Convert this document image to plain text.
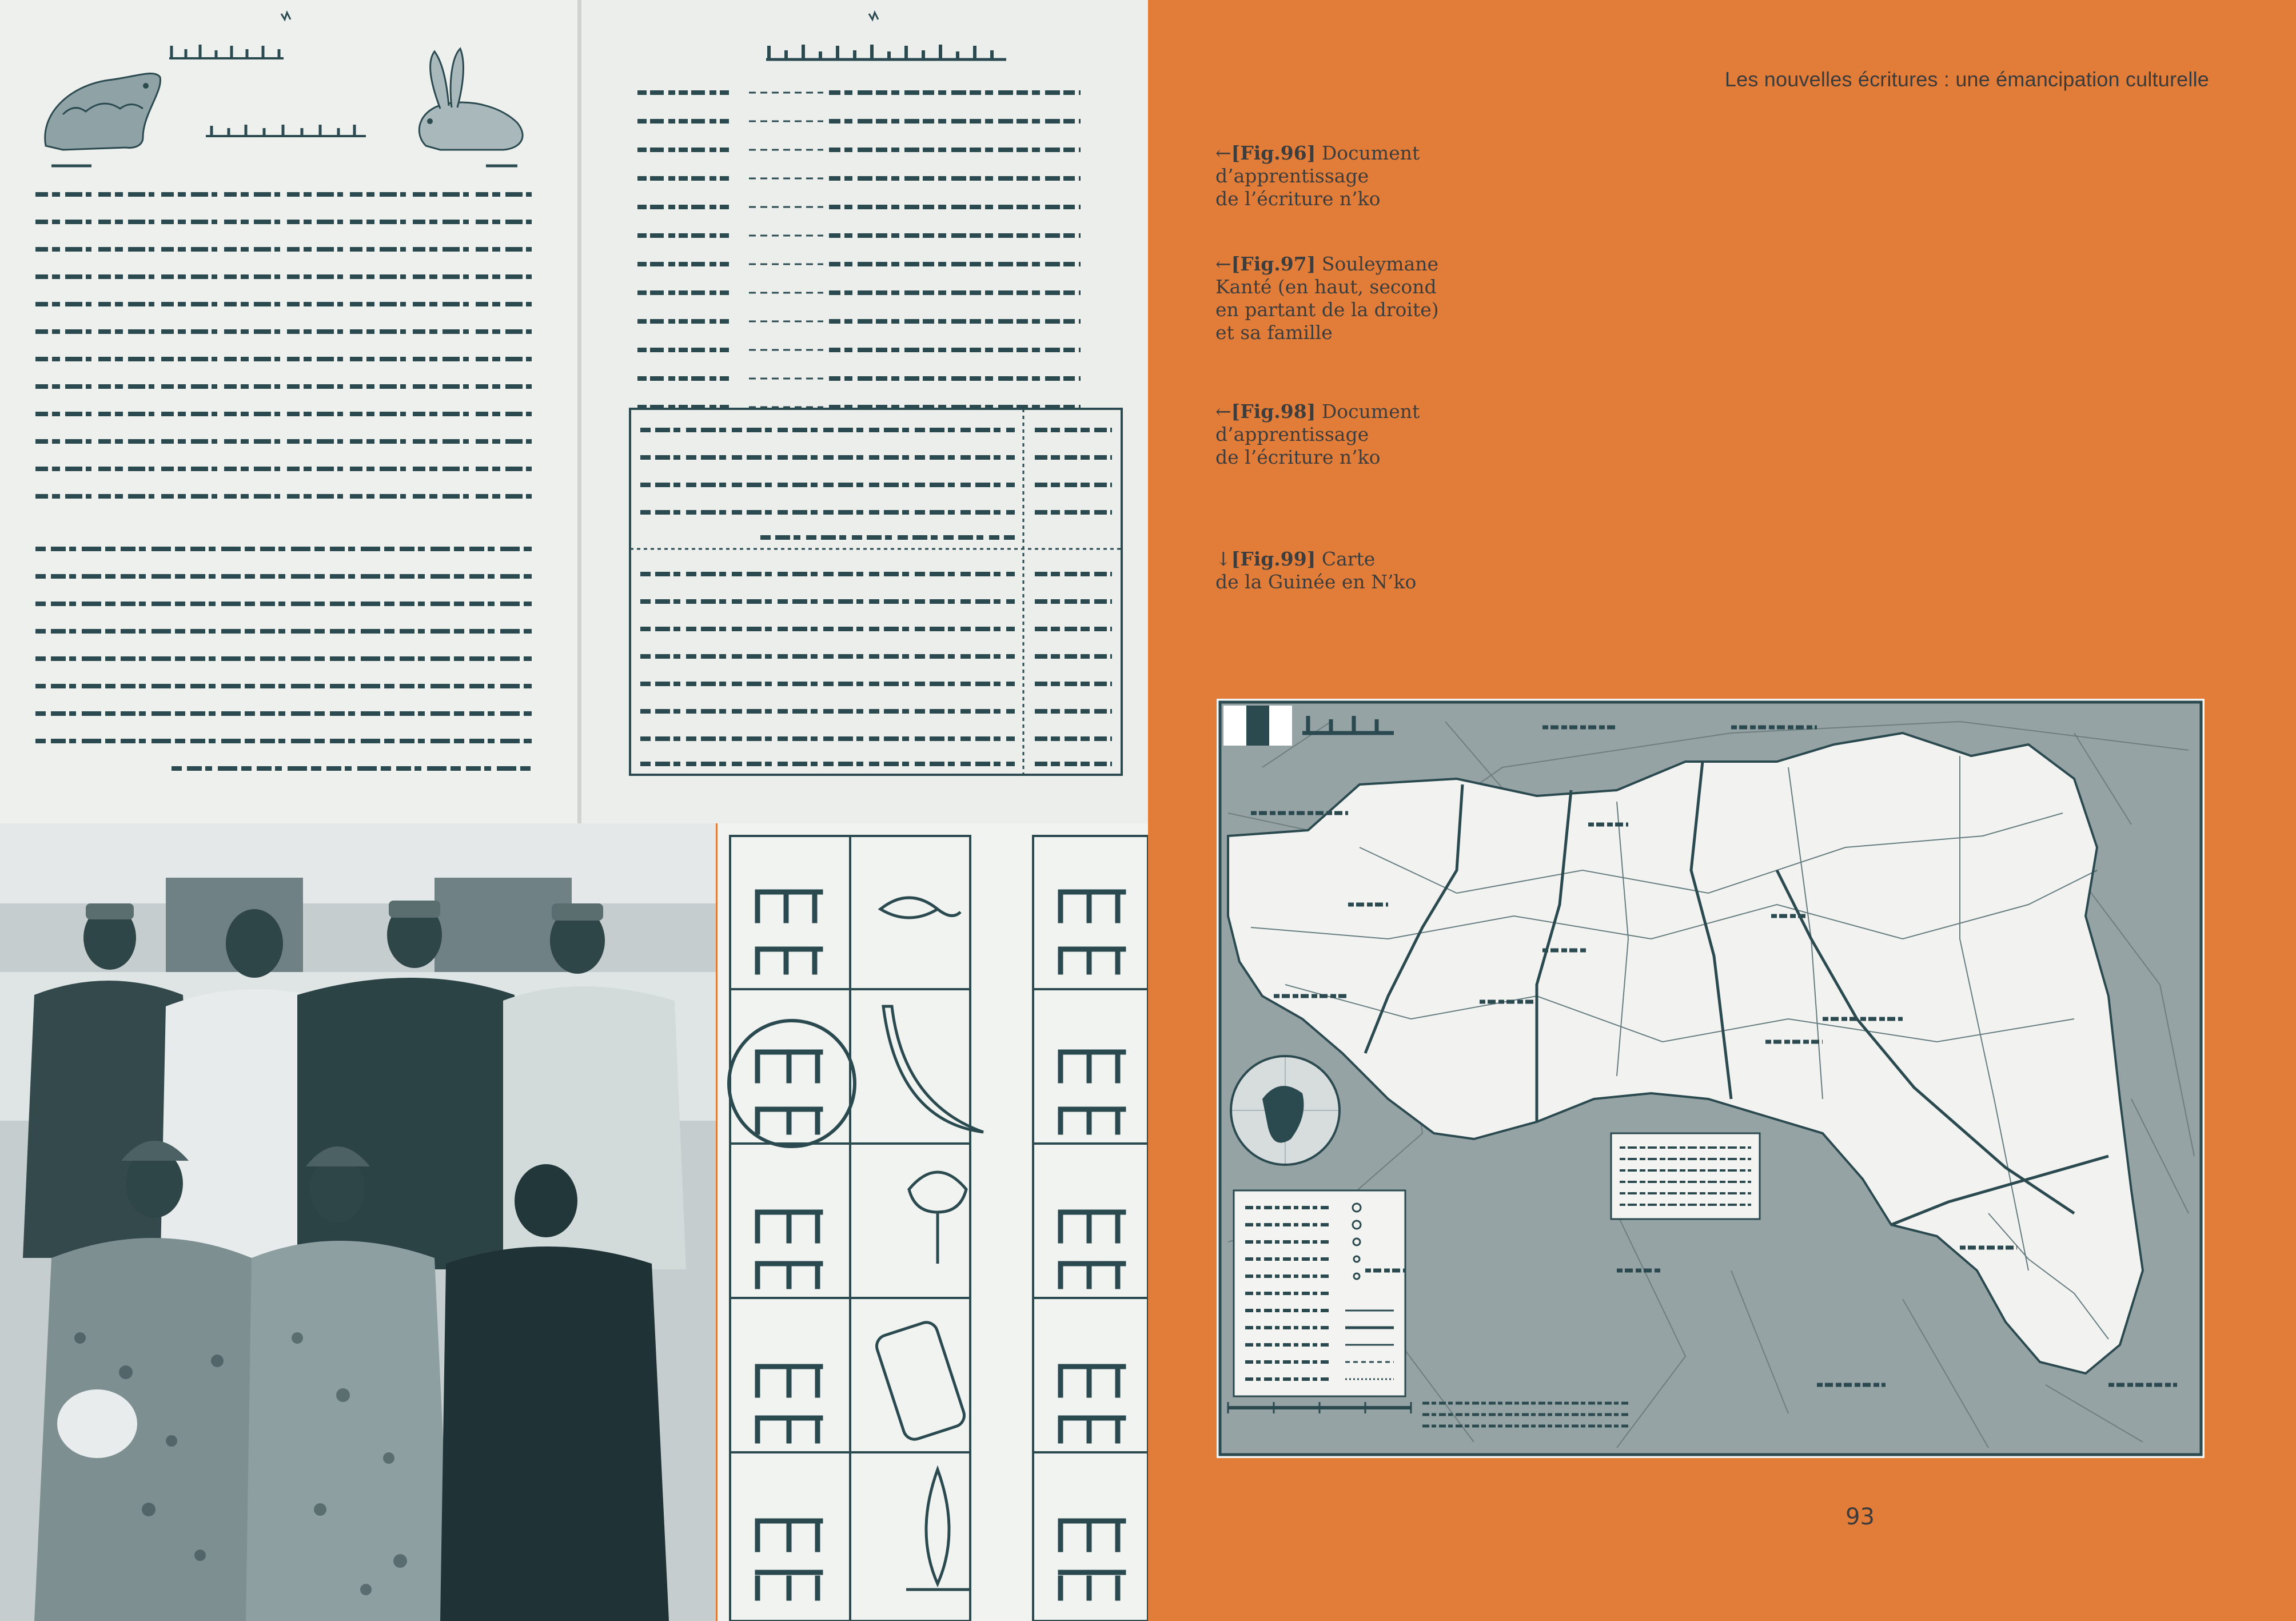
Les nouvelles écritures : une émancipation culturelle
←[Fig.96] Document
d’apprentissage
de l’écriture n’ko
←[Fig.97] Souleymane
Kanté (en haut, second
en partant de la droite)
et sa famille
←[Fig.98] Document
d’apprentissage
de l’écriture n’ko
↓[Fig.99] Carte
de la Guinée en N’ko
93
